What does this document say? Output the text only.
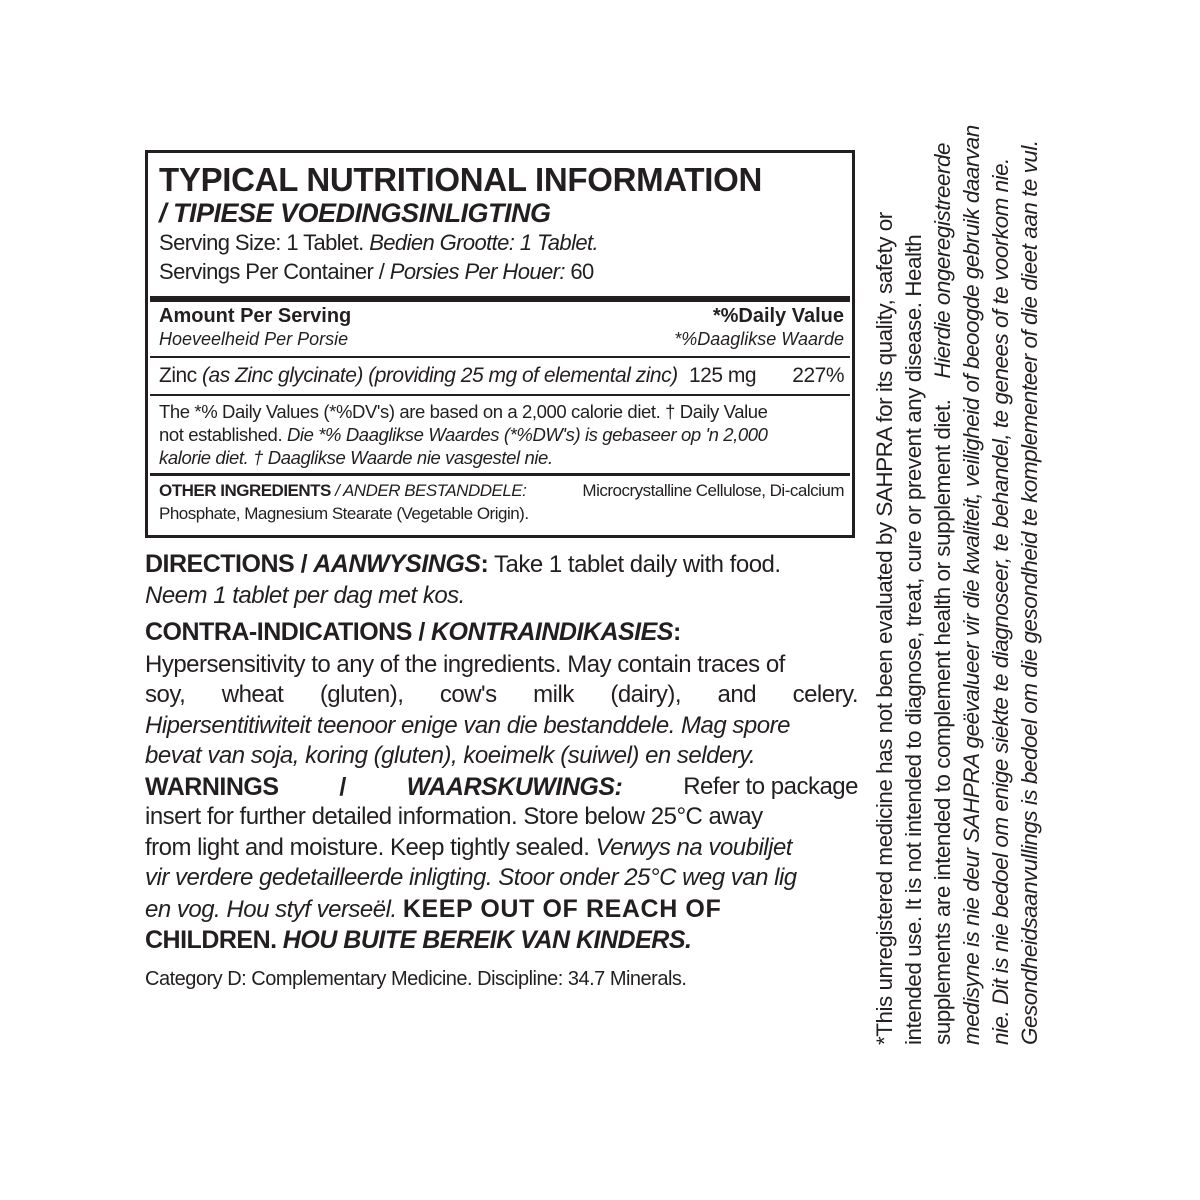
TYPICAL NUTRITIONAL INFORMATION
/ TIPIESE VOEDINGSINLIGTING
Serving Size: 1 Tablet. Bedien Grootte: 1 Tablet.
Servings Per Container / Porsies Per Houer: 60
Amount Per Serving	*%Daily Value
Hoeveelheid Per Porsie	*%Daaglikse Waarde
Zinc (as Zinc glycinate) (providing 25 mg of elemental zinc) 125 mg	227%

The *% Daily Values (*%DV's) are based on a 2,000 calorie diet. † Daily Value

not established. Die *% Daaglikse Waardes (*%DW's) is gebaseer op 'n 2,000

kalorie diet. † Daaglikse Waarde nie vasgestel nie.

OTHER INGREDIENTS / ANDER BESTANDDELE:	Microcrystalline Cellulose, Di-calcium

Phosphate, Magnesium Stearate (Vegetable Origin).

DIRECTIONS / AANWYSINGS: Take 1 tablet daily with food.
Neem 1 tablet per dag met kos.
CONTRA-INDICATIONS / KONTRAINDIKASIES:
Hypersensitivity to any of the ingredients. May contain traces of
soy, wheat (gluten), cow's milk (dairy), and celery.
Hipersentitiwiteit teenoor enige van die bestanddele. Mag spore
bevat van soja, koring (gluten), koeimelk (suiwel) en seldery.
WARNINGS / WAARSKUWINGS:	Refer to package
insert for further detailed information. Store below 25°C away
from light and moisture. Keep tightly sealed. Verwys na voubiljet
vir verdere gedetailleerde inligting. Stoor onder 25°C weg van lig
en vog. Hou styf verseël. KEEP OUT OF REACH OF
CHILDREN. HOU BUITE BEREIK VAN KINDERS.
Category D: Complementary Medicine. Discipline: 34.7 Minerals.	*This unregistered medicine has not been evaluated by SAHPRA for its quality, safety or intended use. It is not intended to diagnose, treat, cure or prevent any disease. Health supplements are intended to complement health or supplement diet.
Hierdie ongeregistreerde medisyne is nie deur SAHPRA geëvalueer vir die kwaliteit, veiligheid of beoogde gebruik daarvan nie. Dit is nie bedoel om enige siekte te diagnoseer, te behandel, te genees of te voorkom nie. Gesondheidsaanvullings is bedoel om die gesondheid te komplementeer of die dieet aan te vul.
